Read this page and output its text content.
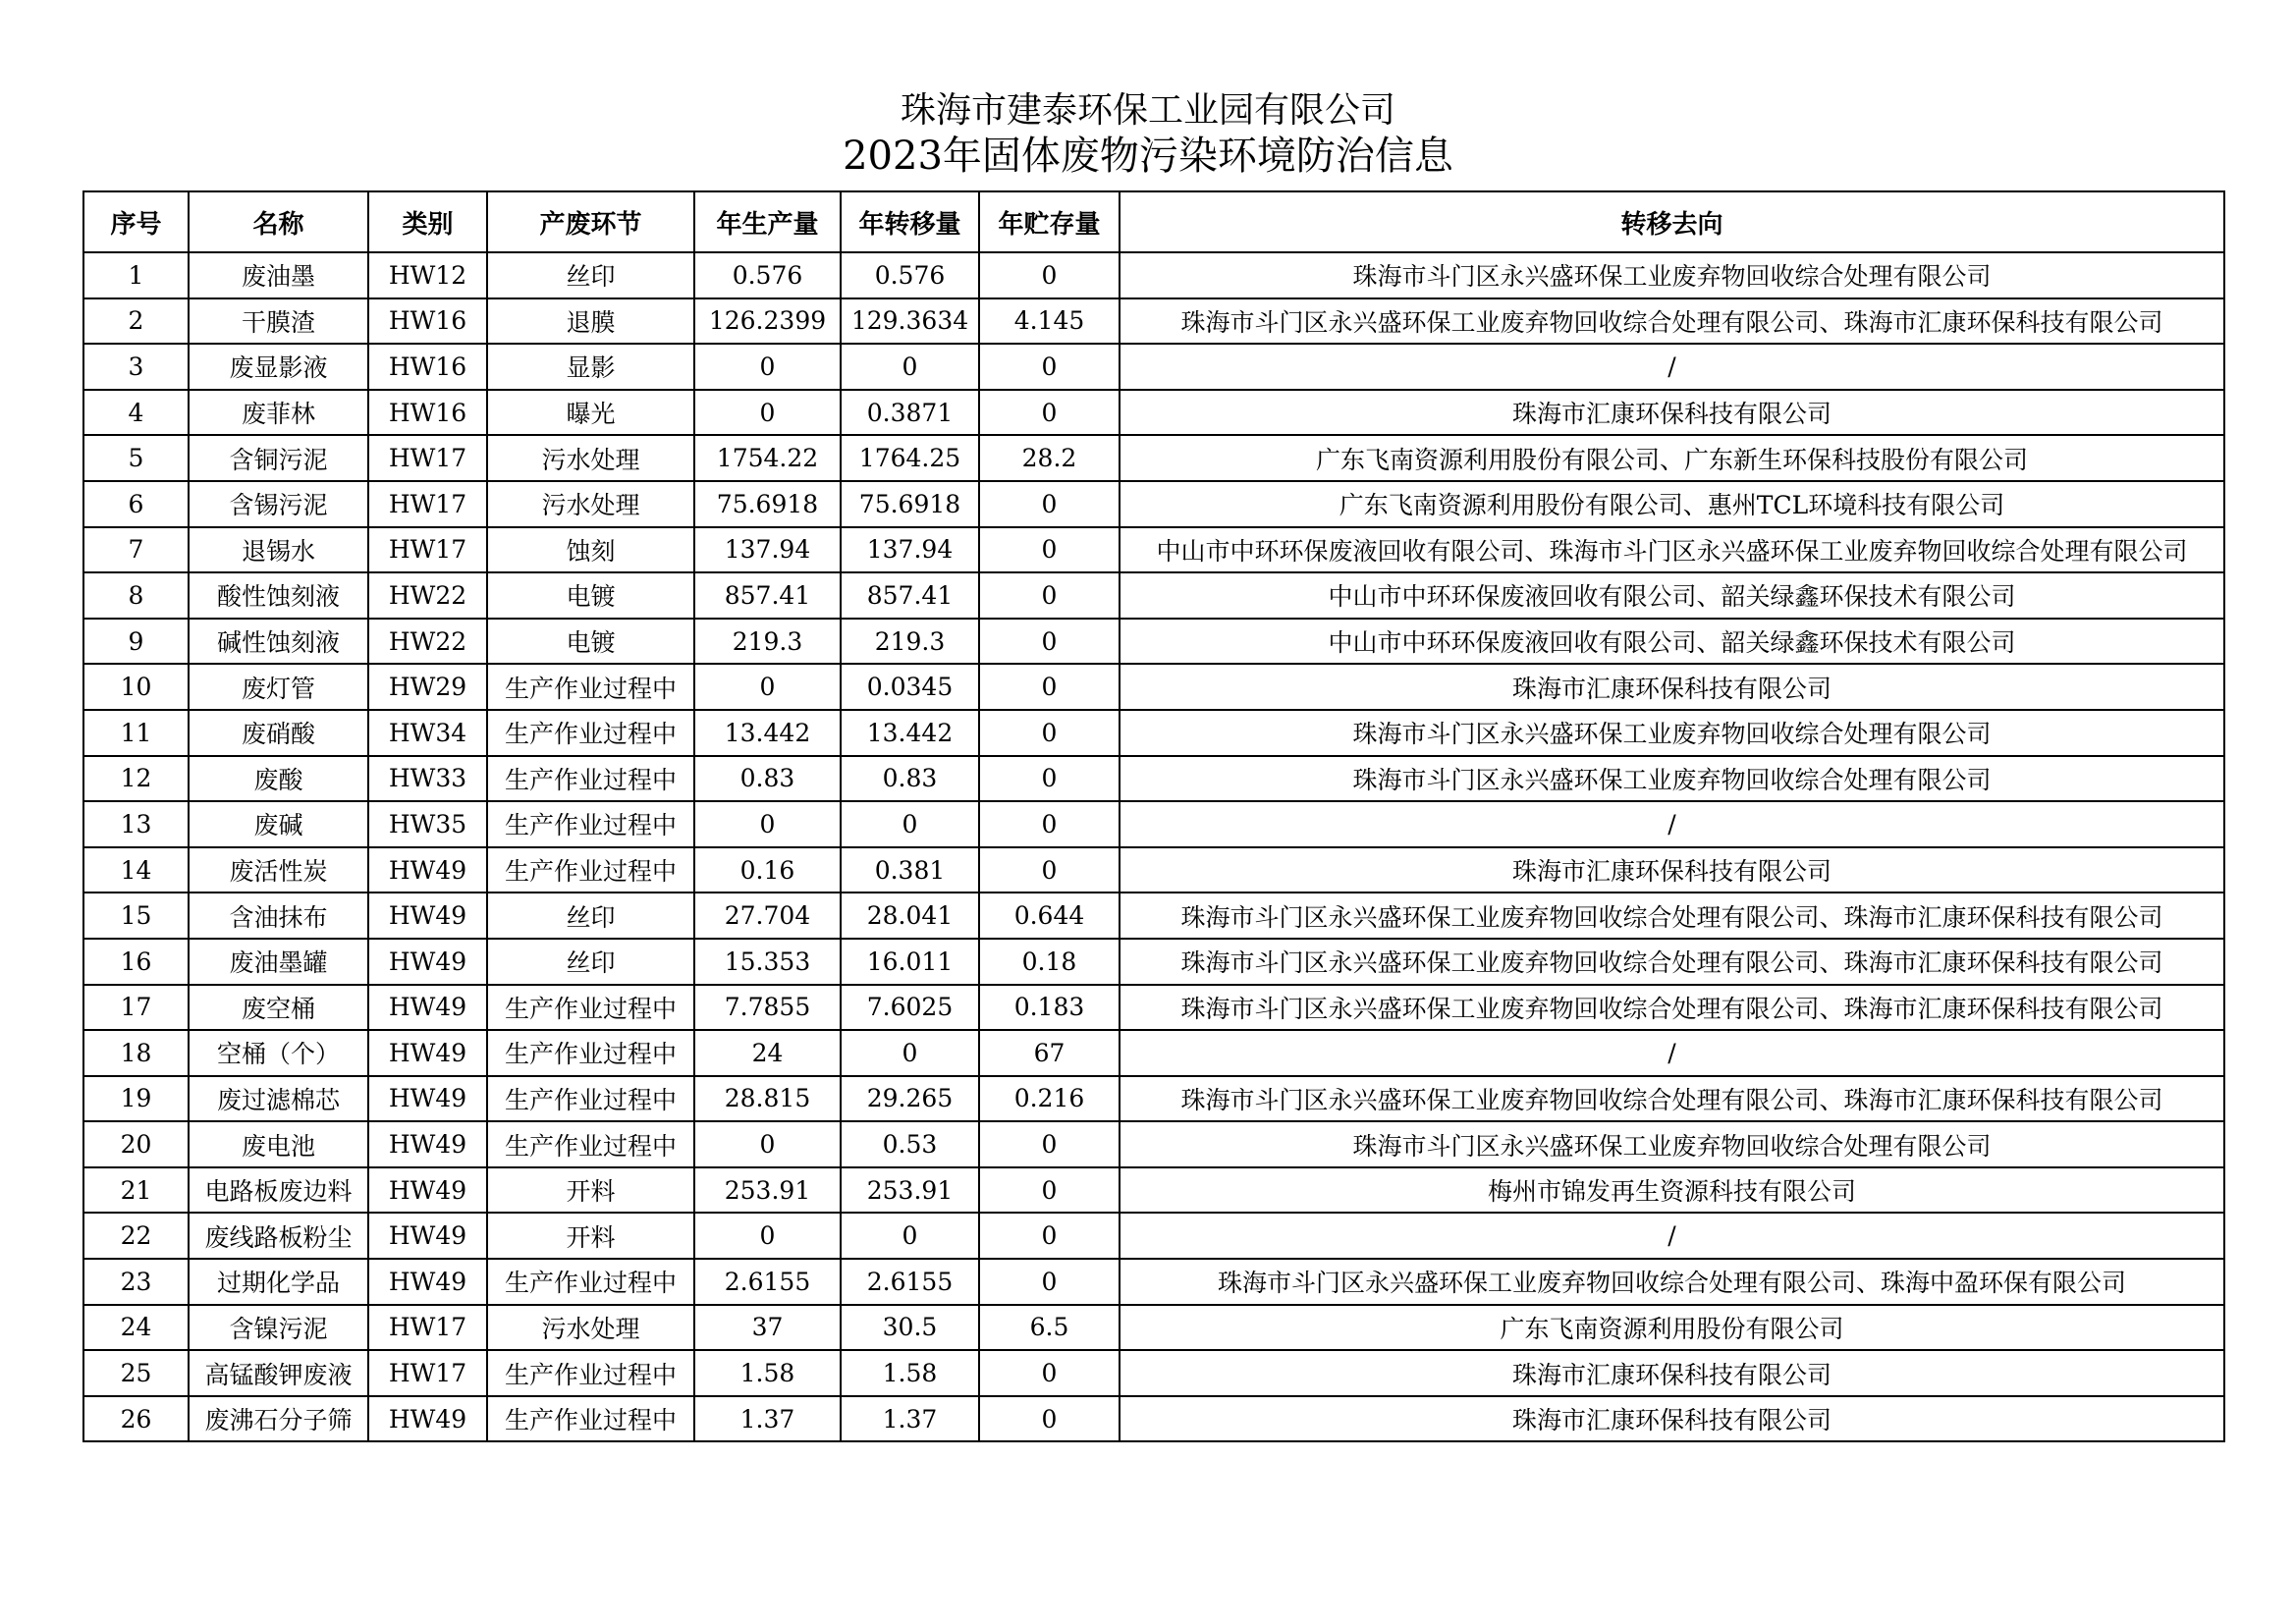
珠海市建泰环保工业园有限公司
2023年固体废物污染环境防治信息
序号	名称	类别	产废环节	年生产量	年转移量	年贮存量	转移去向
1	废油墨	HW12	丝印	0.576	0.576	0	珠海市斗门区永兴盛环保工业废弃物回收综合处理有限公司
2	干膜渣	HW16	退膜	126.2399	129.3634	4.145	珠海市斗门区永兴盛环保工业废弃物回收综合处理有限公司、珠海市汇康环保科技有限公司
3	废显影液	HW16	显影	0	0	0	/
4	废菲林	HW16	曝光	0	0.3871	0	珠海市汇康环保科技有限公司
5	含铜污泥	HW17	污水处理	1754.22	1764.25	28.2	广东飞南资源利用股份有限公司、广东新生环保科技股份有限公司
6	含锡污泥	HW17	污水处理	75.6918	75.6918	0	广东飞南资源利用股份有限公司、惠州TCL环境科技有限公司
7	退锡水	HW17	蚀刻	137.94	137.94	0	中山市中环环保废液回收有限公司、珠海市斗门区永兴盛环保工业废弃物回收综合处理有限公司
8	酸性蚀刻液	HW22	电镀	857.41	857.41	0	中山市中环环保废液回收有限公司、韶关绿鑫环保技术有限公司
9	碱性蚀刻液	HW22	电镀	219.3	219.3	0	中山市中环环保废液回收有限公司、韶关绿鑫环保技术有限公司
10	废灯管	HW29	生产作业过程中	0	0.0345	0	珠海市汇康环保科技有限公司
11	废硝酸	HW34	生产作业过程中	13.442	13.442	0	珠海市斗门区永兴盛环保工业废弃物回收综合处理有限公司
12	废酸	HW33	生产作业过程中	0.83	0.83	0	珠海市斗门区永兴盛环保工业废弃物回收综合处理有限公司
13	废碱	HW35	生产作业过程中	0	0	0	/
14	废活性炭	HW49	生产作业过程中	0.16	0.381	0	珠海市汇康环保科技有限公司
15	含油抹布	HW49	丝印	27.704	28.041	0.644	珠海市斗门区永兴盛环保工业废弃物回收综合处理有限公司、珠海市汇康环保科技有限公司
16	废油墨罐	HW49	丝印	15.353	16.011	0.18	珠海市斗门区永兴盛环保工业废弃物回收综合处理有限公司、珠海市汇康环保科技有限公司
17	废空桶	HW49	生产作业过程中	7.7855	7.6025	0.183	珠海市斗门区永兴盛环保工业废弃物回收综合处理有限公司、珠海市汇康环保科技有限公司
18	空桶（个）	HW49	生产作业过程中	24	0	67	/
19	废过滤棉芯	HW49	生产作业过程中	28.815	29.265	0.216	珠海市斗门区永兴盛环保工业废弃物回收综合处理有限公司、珠海市汇康环保科技有限公司
20	废电池	HW49	生产作业过程中	0	0.53	0	珠海市斗门区永兴盛环保工业废弃物回收综合处理有限公司
21	电路板废边料	HW49	开料	253.91	253.91	0	梅州市锦发再生资源科技有限公司
22	废线路板粉尘	HW49	开料	0	0	0	/
23	过期化学品	HW49	生产作业过程中	2.6155	2.6155	0	珠海市斗门区永兴盛环保工业废弃物回收综合处理有限公司、珠海中盈环保有限公司
24	含镍污泥	HW17	污水处理	37	30.5	6.5	广东飞南资源利用股份有限公司
25	高锰酸钾废液	HW17	生产作业过程中	1.58	1.58	0	珠海市汇康环保科技有限公司
26	废沸石分子筛	HW49	生产作业过程中	1.37	1.37	0	珠海市汇康环保科技有限公司
